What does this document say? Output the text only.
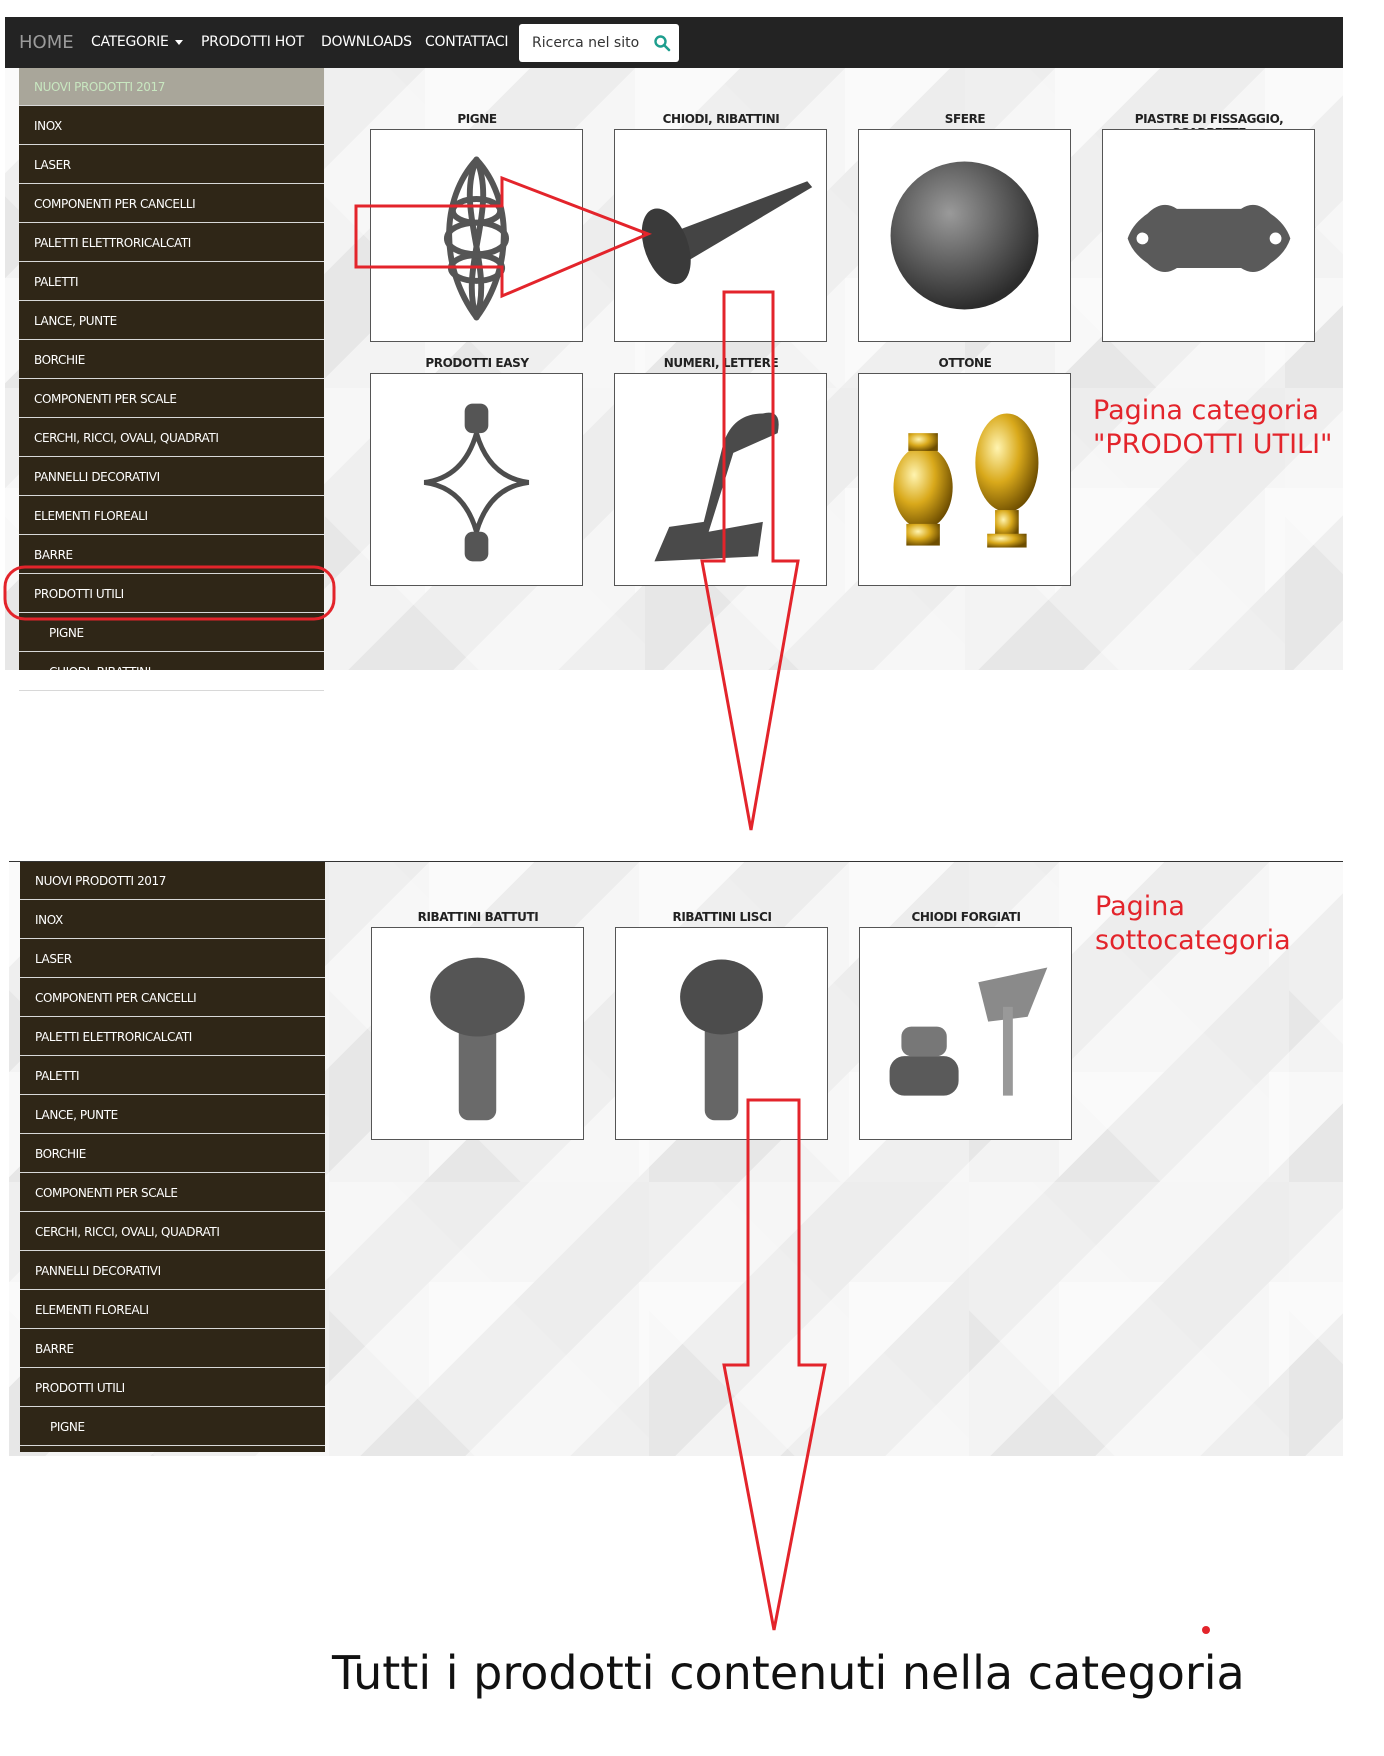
HOME CATEGORIE	PRODOTTI HOT DOWNLOADS CONTATTACI Ricerca nel sito
NUOVI PRODOTTI 2017
INOX
LASER
COMPONENTI PER CANCELLI
PALETTI ELETTRORICALCATI
PALETTI
LANCE, PUNTE
BORCHIE
COMPONENTI PER SCALE
CERCHI, RICCI, OVALI, QUADRATI
PANNELLI DECORATIVI
ELEMENTI FLOREALI
BARRE
PRODOTTI UTILI
PIGNE
CHIODI, RIBATTINI
PIGNE	CHIODI, RIBATTINI	SFERE	PIASTRE DI FISSAGGIO,
PRODOTTI EASY	NUMERI, LETTERE	OTTONE
Pagina categoria
"PRODOTTI UTILI"
NUOVI PRODOTTI 2017
INOX
LASER
COMPONENTI PER CANCELLI
PALETTI ELETTRORICALCATI
PALETTI
LANCE, PUNTE
BORCHIE
COMPONENTI PER SCALE
CERCHI, RICCI, OVALI, QUADRATI
PANNELLI DECORATIVI
ELEMENTI FLOREALI
BARRE
PRODOTTI UTILI
PIGNE
RIBATTINI BATTUTI	RIBATTINI LISCI	CHIODI FORGIATI	Pagina
sottocategoria
Tutti i prodotti contenuti nella categoria
